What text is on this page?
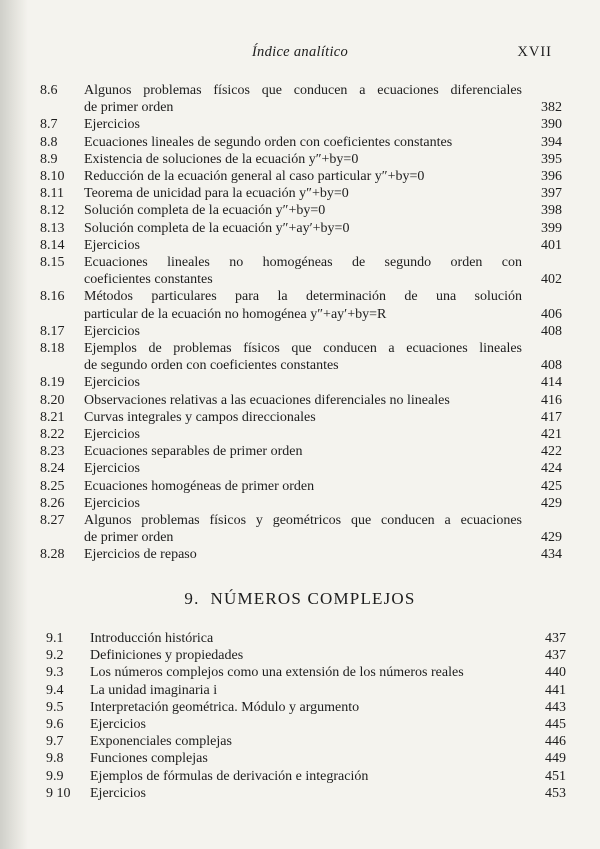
Índice analítico	XVII
8.6	Algunos problemas físicos que conducen a ecuaciones diferenciales
de primer orden	382
8.7	Ejercicios	390
8.8	Ecuaciones lineales de segundo orden con coeficientes constantes	394
8.9	Existencia de soluciones de la ecuación y″+by=0	395
8.10	Reducción de la ecuación general al caso particular y″+by=0	396
8.11	Teorema de unicidad para la ecuación y″+by=0	397
8.12	Solución completa de la ecuación y″+by=0	398
8.13	Solución completa de la ecuación y″+ay′+by=0	399
8.14	Ejercicios	401
8.15	Ecuaciones lineales no homogéneas de segundo orden con
coeficientes constantes	402
8.16	Métodos particulares para la determinación de una solución
particular de la ecuación no homogénea y″+ay′+by=R	406
8.17	Ejercicios	408
8.18	Ejemplos de problemas físicos que conducen a ecuaciones lineales
de segundo orden con coeficientes constantes	408
8.19	Ejercicios	414
8.20	Observaciones relativas a las ecuaciones diferenciales no lineales	416
8.21	Curvas integrales y campos direccionales	417
8.22	Ejercicios	421
8.23	Ecuaciones separables de primer orden	422
8.24	Ejercicios	424
8.25	Ecuaciones homogéneas de primer orden	425
8.26	Ejercicios	429
8.27	Algunos problemas físicos y geométricos que conducen a ecuaciones
de primer orden	429
8.28	Ejercicios de repaso	434
9. NÚMEROS COMPLEJOS
9.1	Introducción histórica	437
9.2	Definiciones y propiedades	437
9.3	Los números complejos como una extensión de los números reales	440
9.4	La unidad imaginaria i	441
9.5	Interpretación geométrica. Módulo y argumento	443
9.6	Ejercicios	445
9.7	Exponenciales complejas	446
9.8	Funciones complejas	449
9.9	Ejemplos de fórmulas de derivación e integración	451
9 10	Ejercicios	453
